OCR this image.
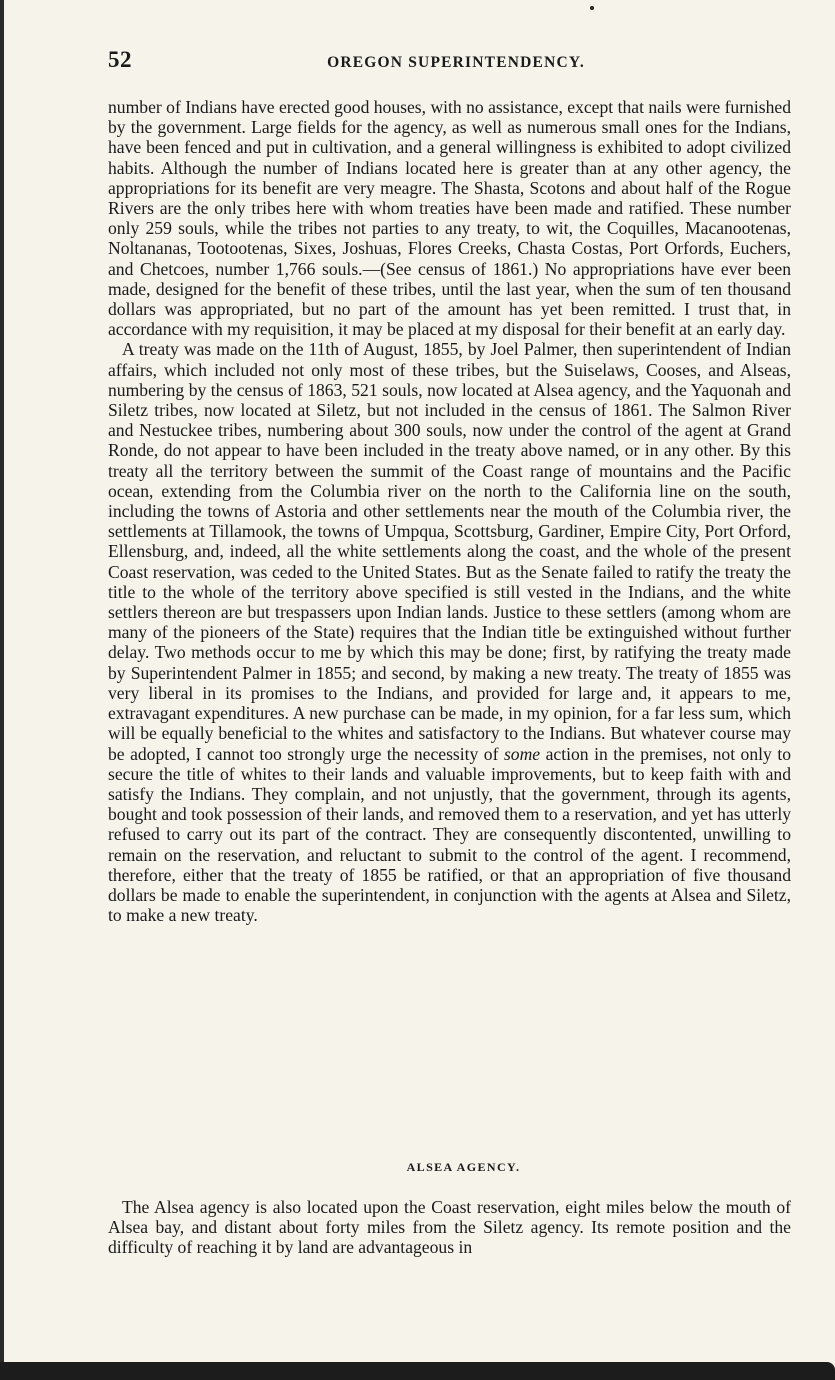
52	OREGON SUPERINTENDENCY.

number of Indians have erected good houses, with no assistance, except that nails were furnished by the government. Large fields for the agency, as well as numerous small ones for the Indians, have been fenced and put in cultivation, and a general willingness is exhibited to adopt civilized habits. Although the number of Indians located here is greater than at any other agency, the appropriations for its benefit are very meagre. The Shasta, Scotons and about half of the Rogue Rivers are the only tribes here with whom treaties have been made and ratified. These number only 259 souls, while the tribes not parties to any treaty, to wit, the Coquilles, Macanootenas, Noltananas, Tootootenas, Sixes, Joshuas, Flores Creeks, Chasta Costas, Port Orfords, Euchers, and Chetcoes, number 1,766 souls.—(See census of 1861.) No appropriations have ever been made, designed for the benefit of these tribes, until the last year, when the sum of ten thousand dollars was appropriated, but no part of the amount has yet been remitted. I trust that, in accordance with my requisition, it may be placed at my disposal for their benefit at an early day.

A treaty was made on the 11th of August, 1855, by Joel Palmer, then superintendent of Indian affairs, which included not only most of these tribes, but the Suiselaws, Cooses, and Alseas, numbering by the census of 1863, 521 souls, now located at Alsea agency, and the Yaquonah and Siletz tribes, now located at Siletz, but not included in the census of 1861. The Salmon River and Nestuckee tribes, numbering about 300 souls, now under the control of the agent at Grand Ronde, do not appear to have been included in the treaty above named, or in any other. By this treaty all the territory between the summit of the Coast range of mountains and the Pacific ocean, extending from the Columbia river on the north to the California line on the south, including the towns of Astoria and other settlements near the mouth of the Columbia river, the settlements at Tillamook, the towns of Umpqua, Scottsburg, Gardiner, Empire City, Port Orford, Ellensburg, and, indeed, all the white settlements along the coast, and the whole of the present Coast reservation, was ceded to the United States. But as the Senate failed to ratify the treaty the title to the whole of the territory above specified is still vested in the Indians, and the white settlers thereon are but trespassers upon Indian lands. Justice to these settlers (among whom are many of the pioneers of the State) requires that the Indian title be extinguished without further delay. Two methods occur to me by which this may be done; first, by ratifying the treaty made by Superintendent Palmer in 1855; and second, by making a new treaty. The treaty of 1855 was very liberal in its promises to the Indians, and provided for large and, it appears to me, extravagant expenditures. A new purchase can be made, in my opinion, for a far less sum, which will be equally beneficial to the whites and satisfactory to the Indians. But whatever course may be adopted, I cannot too strongly urge the necessity of some action in the premises, not only to secure the title of whites to their lands and valuable improvements, but to keep faith with and satisfy the Indians. They complain, and not unjustly, that the government, through its agents, bought and took possession of their lands, and removed them to a reservation, and yet has utterly refused to carry out its part of the contract. They are consequently discontented, unwilling to remain on the reservation, and reluctant to submit to the control of the agent. I recommend, therefore, either that the treaty of 1855 be ratified, or that an appropriation of five thousand dollars be made to enable the superintendent, in conjunction with the agents at Alsea and Siletz, to make a new treaty.

ALSEA AGENCY.

The Alsea agency is also located upon the Coast reservation, eight miles below the mouth of Alsea bay, and distant about forty miles from the Siletz agency. Its remote position and the difficulty of reaching it by land are advantageous in
